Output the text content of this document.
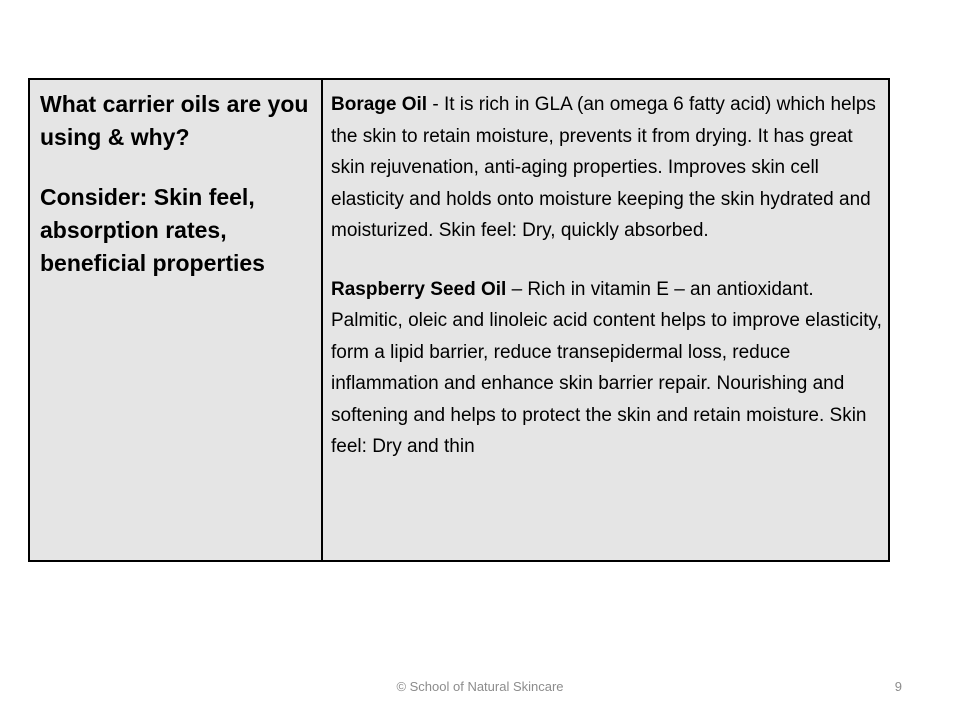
What carrier oils are you using & why?

Consider: Skin feel, absorption rates, beneficial properties

Borage Oil - It is rich in GLA (an omega 6 fatty acid) which helps the skin to retain moisture, prevents it from drying. It has great skin rejuvenation, anti-aging properties. Improves skin cell elasticity and holds onto moisture keeping the skin hydrated and moisturized. Skin feel: Dry, quickly absorbed.

Raspberry Seed Oil – Rich in vitamin E – an antioxidant. Palmitic, oleic and linoleic acid content helps to improve elasticity, form a lipid barrier, reduce transepidermal loss, reduce inflammation and enhance skin barrier repair. Nourishing and softening and helps to protect the skin and retain moisture. Skin feel: Dry and thin

© School of Natural Skincare	9
